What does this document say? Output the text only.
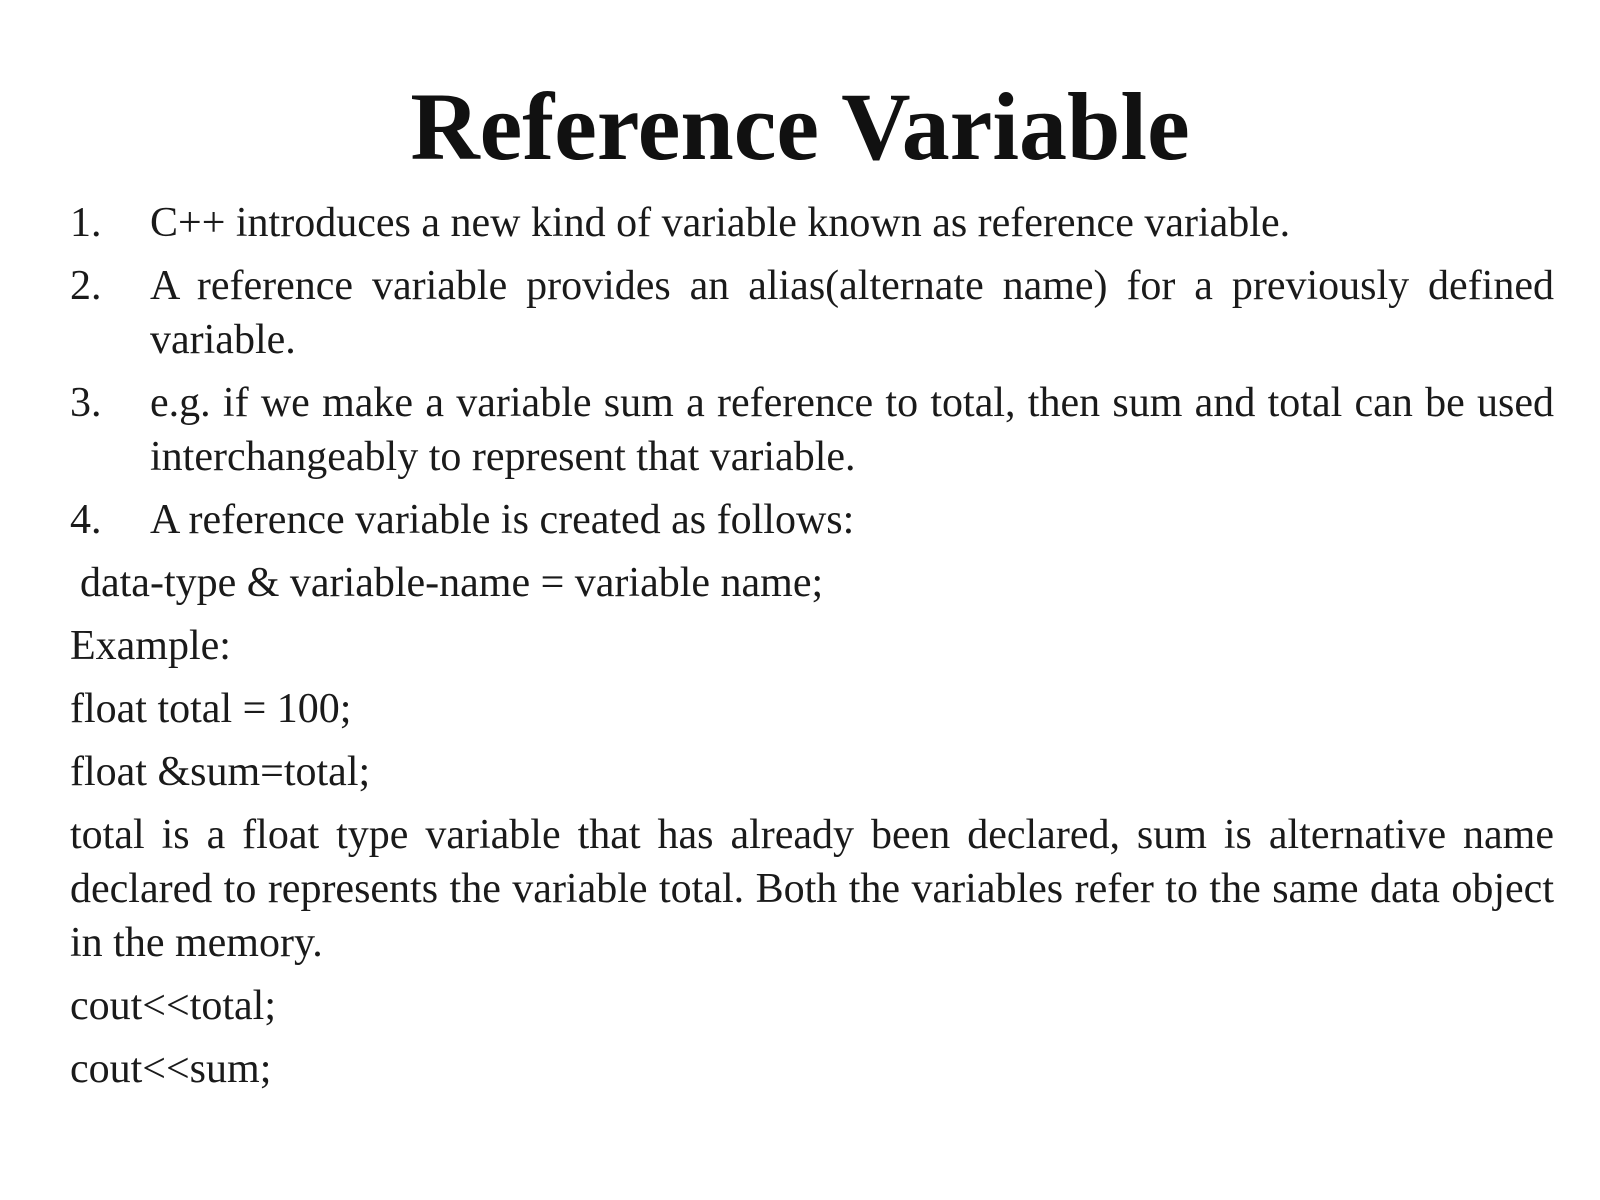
Reference Variable
1.	C++ introduces a new kind of variable known as reference variable.
2.	A reference variable provides an alias(alternate name) for a previously defined variable.
3.	e.g. if we make a variable sum a reference to total, then sum and total can be used interchangeably to represent that variable.
4.	A reference variable is created as follows:
data-type & variable-name = variable name;
Example:
float total = 100;
float &sum=total;
total is a float type variable that has already been declared, sum is alternative name declared to represents the variable total. Both the variables refer to the same data object in the memory.
cout<<total;
cout<<sum;
